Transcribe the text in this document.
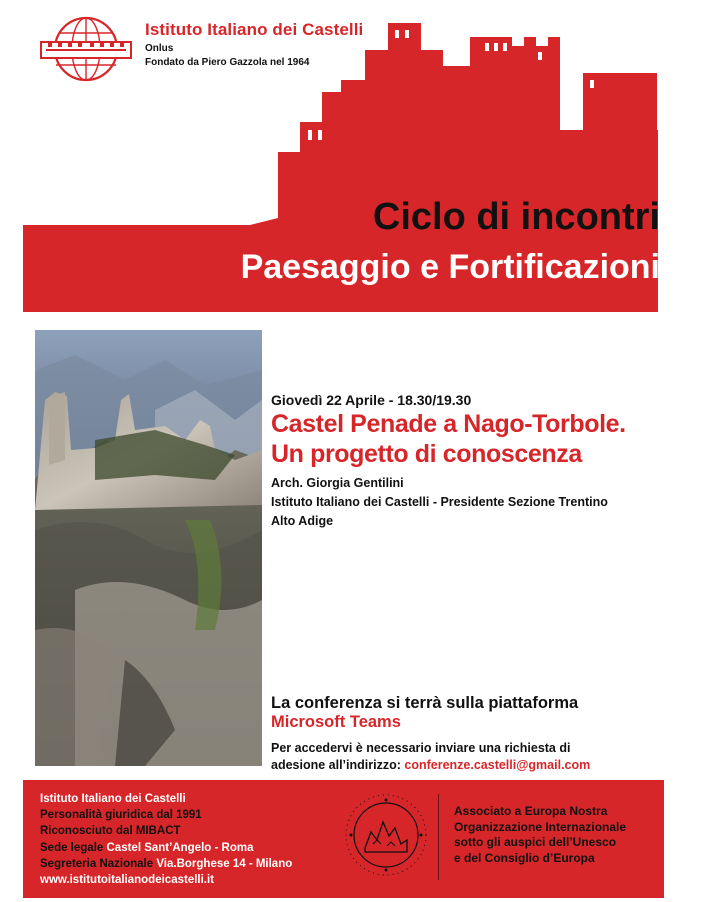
Istituto Italiano dei Castelli
Onlus
Fondato da Piero Gazzola nel 1964
Ciclo di incontri
Paesaggio e Fortificazioni
Giovedì 22 Aprile - 18.30/19.30
Castel Penade a Nago-Torbole.
Un progetto di conoscenza
Arch. Giorgia Gentilini
Istituto Italiano dei Castelli - Presidente Sezione Trentino
Alto Adige
La conferenza si terrà sulla piattaforma
Microsoft Teams
Per accedervi è necessario inviare una richiesta di
adesione all’indirizzo: conferenze.castelli@gmail.com
Istituto Italiano dei Castelli
Personalità giuridica dal 1991
Riconosciuto dal MIBACT
Sede legale Castel Sant’Angelo - Roma
Segreteria Nazionale Via.Borghese 14 - Milano
www.istitutoitalianodeicastelli.it
Associato a Europa Nostra
Organizzazione Internazionale
sotto gli auspici dell’Unesco
e del Consiglio d’Europa
